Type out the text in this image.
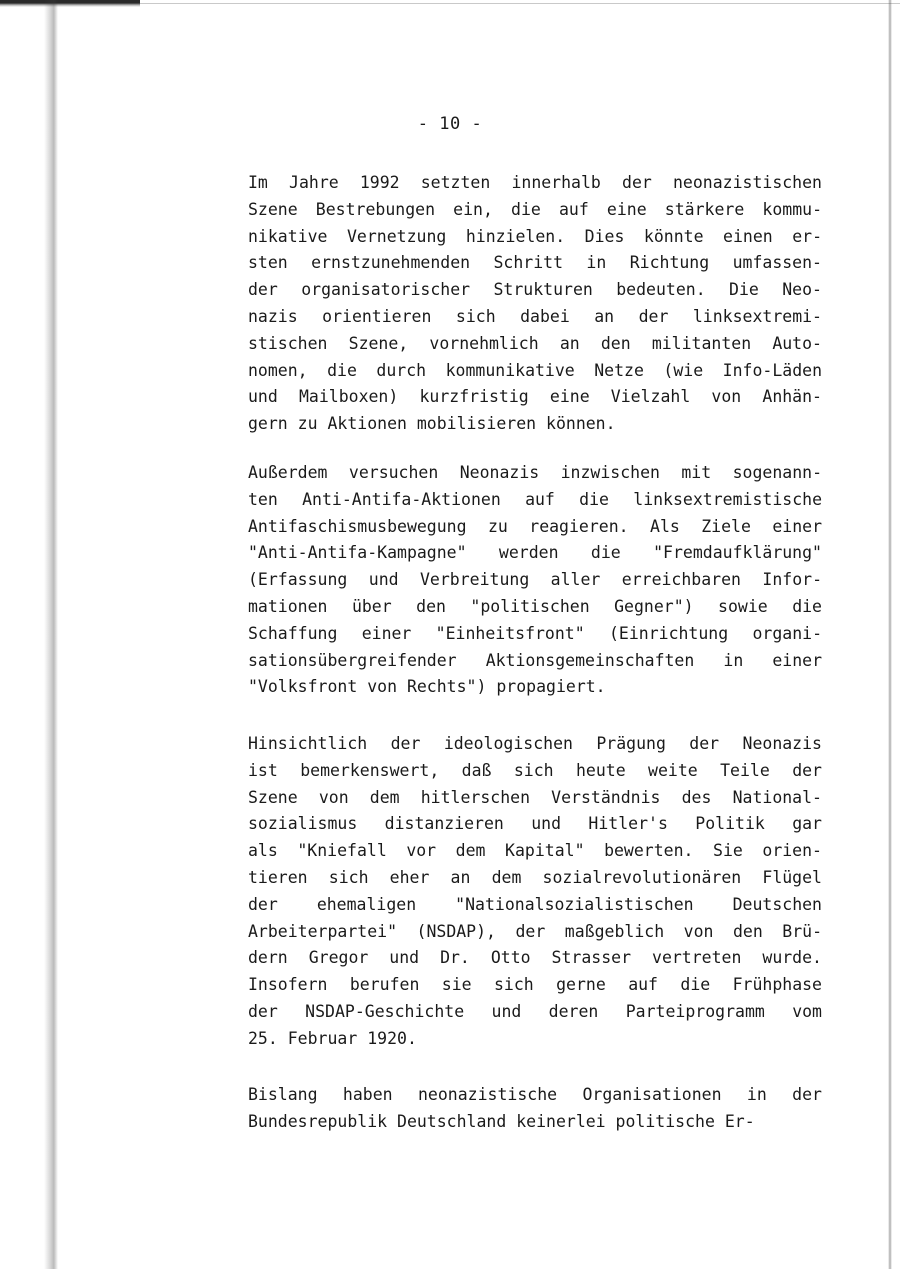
- 10 -
Im Jahre 1992 setzten innerhalb der neonazistischen
Szene Bestrebungen ein, die auf eine stärkere kommu-
nikative Vernetzung hinzielen. Dies könnte einen er-
sten ernstzunehmenden Schritt in Richtung umfassen-
der organisatorischer Strukturen bedeuten. Die Neo-
nazis orientieren sich dabei an der linksextremi-
stischen Szene, vornehmlich an den militanten Auto-
nomen, die durch kommunikative Netze (wie Info-Läden
und Mailboxen) kurzfristig eine Vielzahl von Anhän-
gern zu Aktionen mobilisieren können.
Außerdem versuchen Neonazis inzwischen mit sogenann-
ten Anti-Antifa-Aktionen auf die linksextremistische
Antifaschismusbewegung zu reagieren. Als Ziele einer
"Anti-Antifa-Kampagne" werden die "Fremdaufklärung"
(Erfassung und Verbreitung aller erreichbaren Infor-
mationen über den "politischen Gegner") sowie die
Schaffung einer "Einheitsfront" (Einrichtung organi-
sationsübergreifender Aktionsgemeinschaften in einer
"Volksfront von Rechts") propagiert.
Hinsichtlich der ideologischen Prägung der Neonazis
ist bemerkenswert, daß sich heute weite Teile der
Szene von dem hitlerschen Verständnis des National-
sozialismus distanzieren und Hitler's Politik gar
als "Kniefall vor dem Kapital" bewerten. Sie orien-
tieren sich eher an dem sozialrevolutionären Flügel
der ehemaligen "Nationalsozialistischen Deutschen
Arbeiterpartei" (NSDAP), der maßgeblich von den Brü-
dern Gregor und Dr. Otto Strasser vertreten wurde.
Insofern berufen sie sich gerne auf die Frühphase
der NSDAP-Geschichte und deren Parteiprogramm vom
25. Februar 1920.
Bislang haben neonazistische Organisationen in der
Bundesrepublik Deutschland keinerlei politische Er-
